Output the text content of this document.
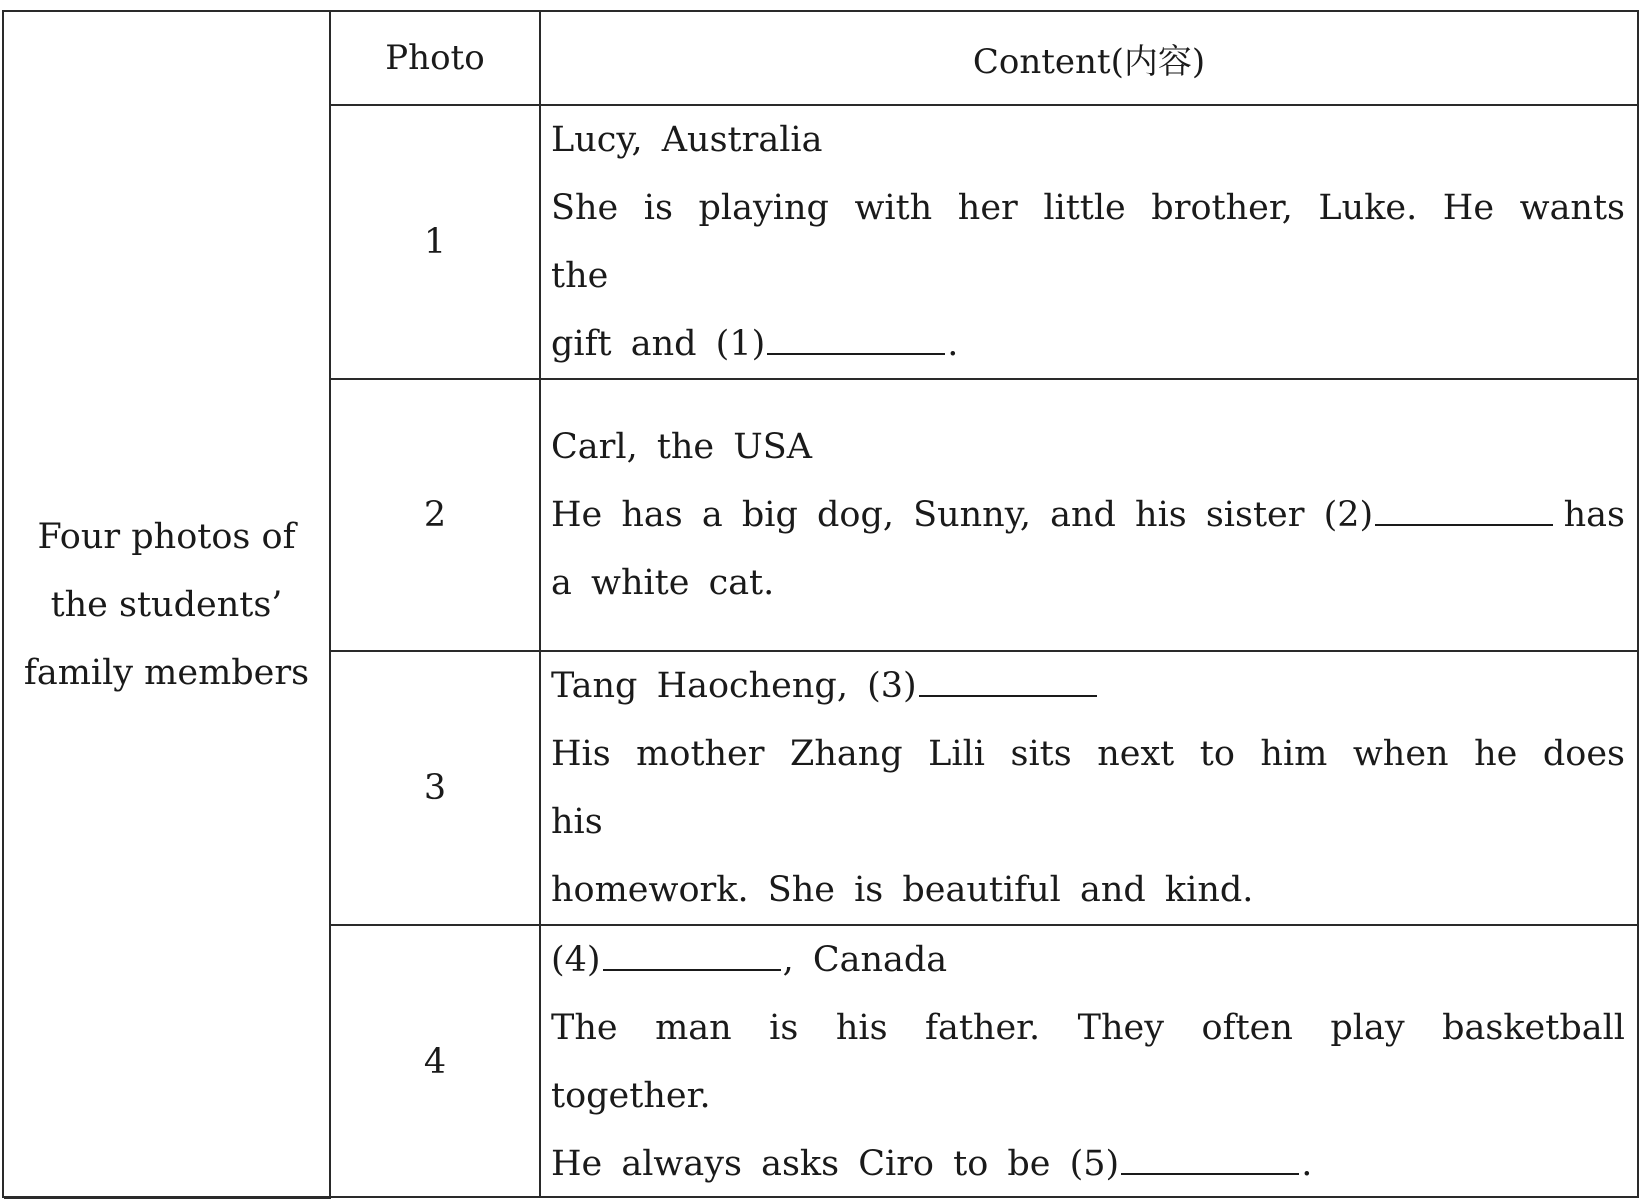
Four photos of the students’ family members	Photo	Content(内容)
	1	Lucy, Australia
She is playing with her little brother, Luke. He wants the
gift and (1) .

	2	Carl, the USA
He has a big dog, Sunny, and his sister (2) has
a white cat.

	3	Tang Haocheng, (3)
His mother Zhang Lili sits next to him when he does his
homework. She is beautiful and kind.

	4	(4) , Canada
The man is his father. They often play basketball together.
He always asks Ciro to be (5) .
